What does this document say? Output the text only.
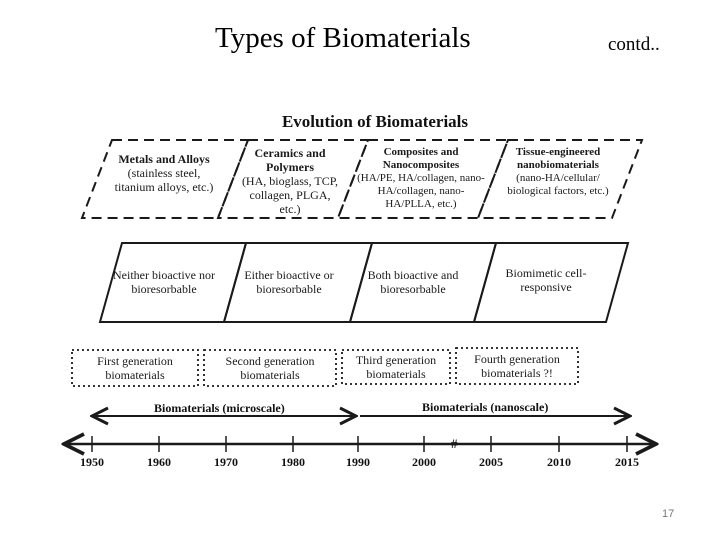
Types of Biomaterials	contd..
#
Evolution of Biomaterials
Metals and Alloys
(stainless steel, titanium alloys, etc.)
Ceramics and Polymers
(HA, bioglass, TCP, collagen, PLGA, etc.)
Composites and Nanocomposites
(HA/PE, HA/collagen, nano-HA/collagen, nano-HA/PLLA, etc.)
Tissue-engineered nanobiomaterials
(nano-HA/cellular/ biological factors, etc.)
Neither bioactive nor bioresorbable
Either bioactive or bioresorbable
Both bioactive and bioresorbable
Biomimetic cell-responsive
First generation biomaterials
Second generation biomaterials
Third generation biomaterials
Fourth generation biomaterials ?!
Biomaterials (microscale)	Biomaterials (nanoscale)
1950	1960	1970	1980	1990	2000	2005	2010	2015
17
